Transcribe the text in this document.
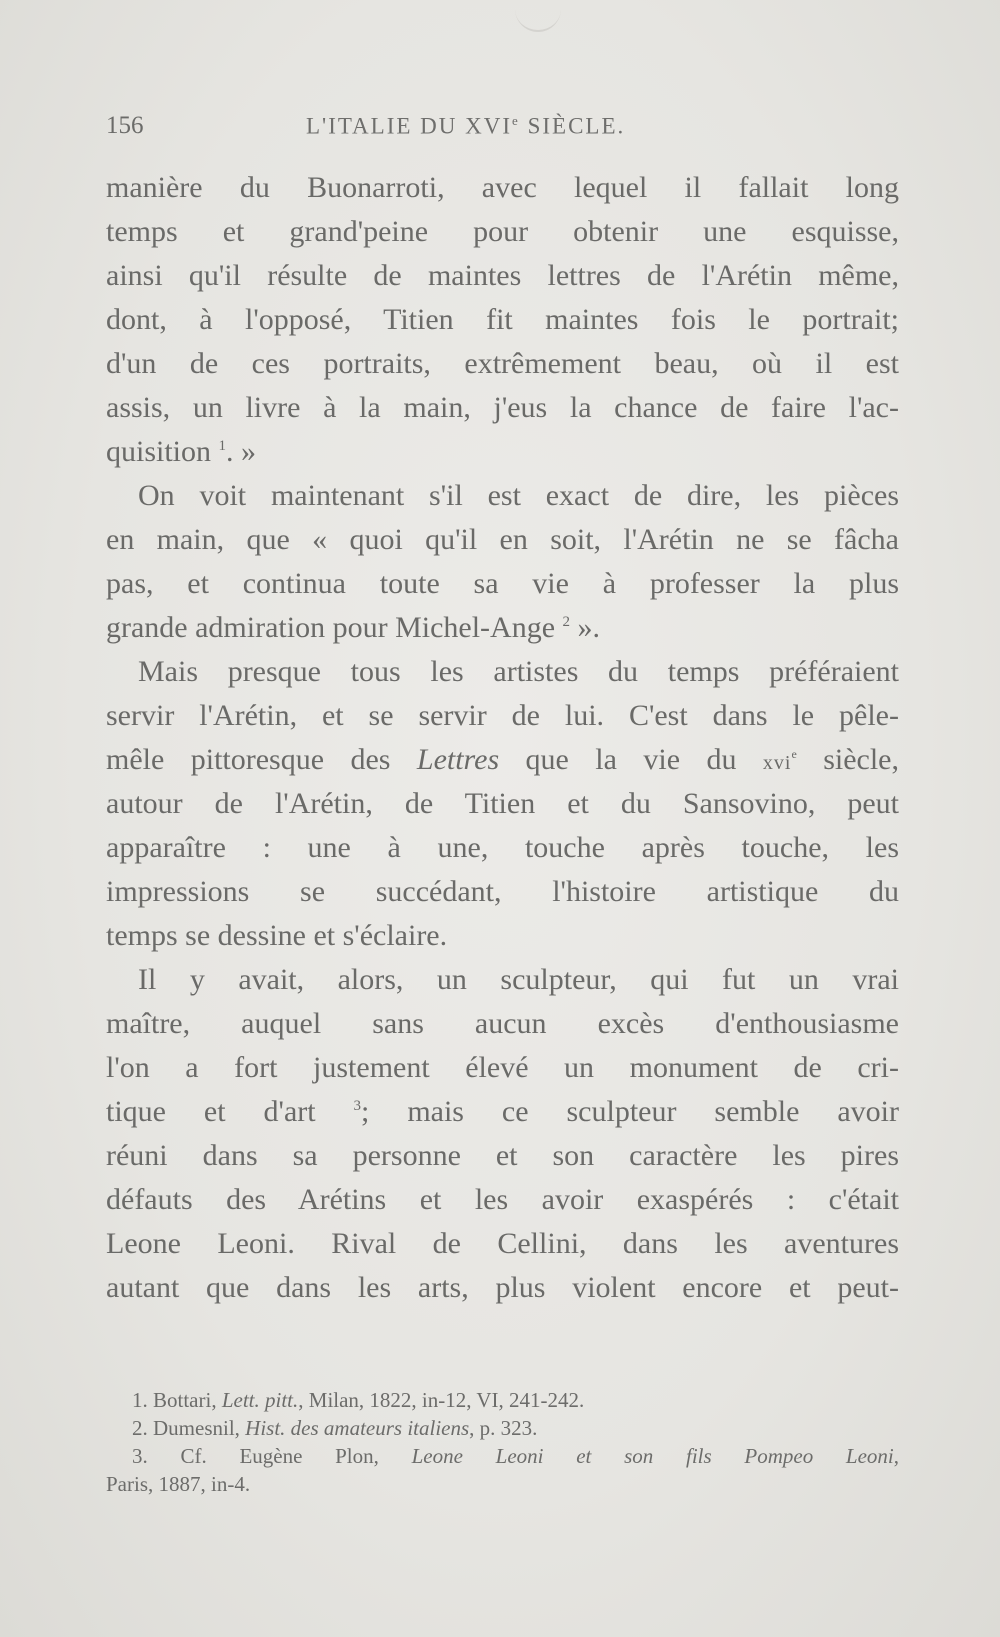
156	L'ITALIE DU XVIe SIÈCLE.
manière du Buonarroti, avec lequel il fallait long
temps et grand'peine pour obtenir une esquisse,
ainsi qu'il résulte de maintes lettres de l'Arétin même,
dont, à l'opposé, Titien fit maintes fois le portrait;
d'un de ces portraits, extrêmement beau, où il est
assis, un livre à la main, j'eus la chance de faire l'ac-
quisition $^1$. »
On voit maintenant s'il est exact de dire, les pièces
en main, que « quoi qu'il en soit, l'Arétin ne se fâcha
pas, et continua toute sa vie à professer la plus
grande admiration pour Michel-Ange $^2$ ».
Mais presque tous les artistes du temps préféraient
servir l'Arétin, et se servir de lui. C'est dans le pêle-
mêle pittoresque des Lettres que la vie du xvi$^e$ siècle,
autour de l'Arétin, de Titien et du Sansovino, peut
apparaître : une à une, touche après touche, les
impressions se succédant, l'histoire artistique du
temps se dessine et s'éclaire.
Il y avait, alors, un sculpteur, qui fut un vrai
maître, auquel sans aucun excès d'enthousiasme
l'on a fort justement élevé un monument de cri-
tique et d'art $^3$; mais ce sculpteur semble avoir
réuni dans sa personne et son caractère les pires
défauts des Arétins et les avoir exaspérés : c'était
Leone Leoni. Rival de Cellini, dans les aventures
autant que dans les arts, plus violent encore et peut-
1. Bottari, Lett. pitt., Milan, 1822, in-12, VI, 241-242.
2. Dumesnil, Hist. des amateurs italiens, p. 323.
3. Cf. Eugène Plon, Leone Leoni et son fils Pompeo Leoni,
Paris, 1887, in-4.
